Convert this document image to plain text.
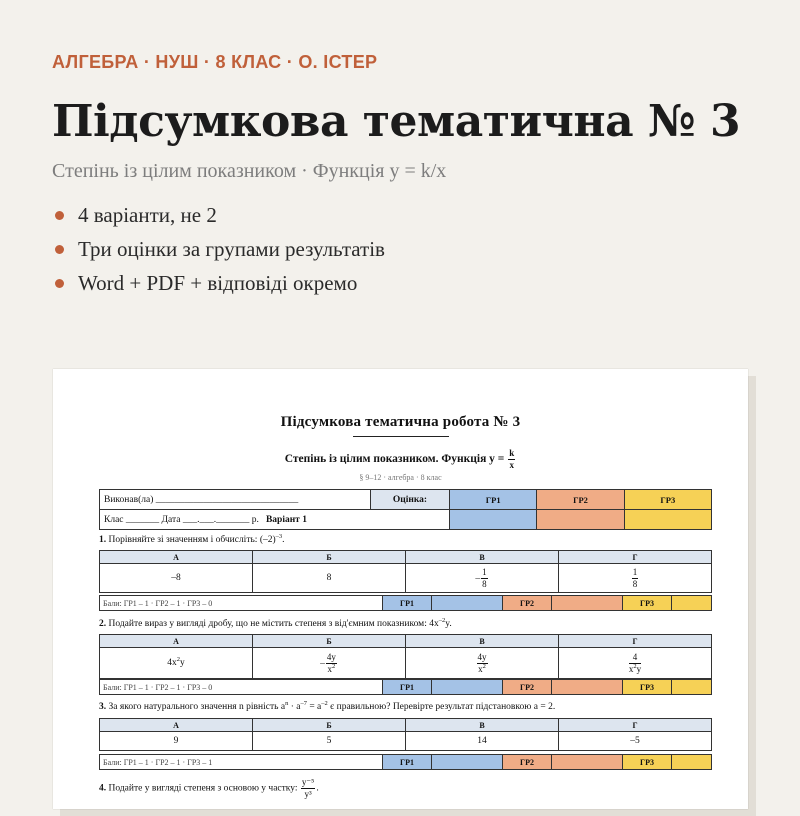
АЛГЕБРА · НУШ · 8 КЛАС · О. ІСТЕР
Підсумкова тематична № 3
Степінь із цілим показником · Функція y = k/x
4 варіанти, не 2
Три оцінки за групами результатів
Word + PDF + відповіді окремо
Підсумкова тематична робота № 3
Степінь із цілим показником. Функція $y = \frac{k}{x}$
§ 9–12 · алгебра · 8 клас
Виконав(ла) ______________________________	Оцінка:	ГР1	ГР2	ГР3
Клас _______ Дата ___.___._______ р. Варіант 1				
1. Порівняйте зі значенням і обчисліть: $(-2)^{-3}$.
А	Б	В	Г
–8	8	– $\frac{1}{8}$	$\frac{1}{8}$
Бали: ГР1 – 1 · ГР2 – 1 · ГР3 – 0	ГР1		ГР2		ГР3	
2. Подайте вираз у вигляді дробу, що не містить степеня з від'ємним показником: $4x^{-2}y$.
А	Б	В	Г
$4x^2y$	– $\frac{4y}{x^2}$	$\frac{4y}{x^2}$	$\frac{4}{x^2y}$
Бали: ГР1 – 1 · ГР2 – 1 · ГР3 – 0	ГР1		ГР2		ГР3	
3. За якого натурального значення n рівність $a^n \cdot a^{-7} = a^{-2}$ є правильною? Перевірте результат підстановкою a = 2.
А	Б	В	Г
9	5	14	–5
Бали: ГР1 – 1 · ГР2 – 1 · ГР3 – 1	ГР1		ГР2		ГР3	
4. Подайте у вигляді степеня з основою y частку: $\frac{\text{y⁻⁵}}{\text{y³}}$ .
